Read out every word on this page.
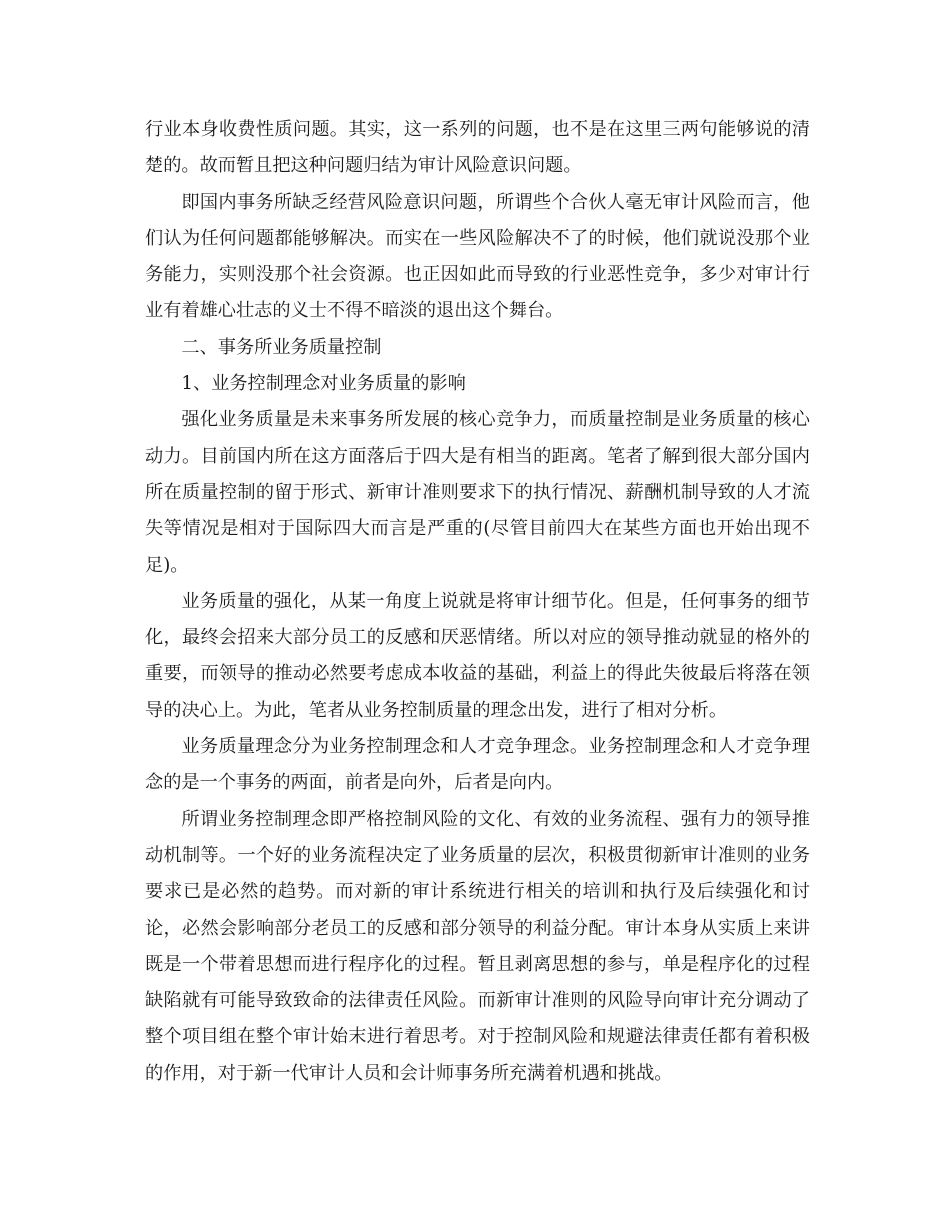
行业本身收费性质问题。其实，这一系列的问题，也不是在这里三两句能够说的清楚的。故而暂且把这种问题归结为审计风险意识问题。

即国内事务所缺乏经营风险意识问题，所谓些个合伙人毫无审计风险而言，他们认为任何问题都能够解决。而实在一些风险解决不了的时候，他们就说没那个业务能力，实则没那个社会资源。也正因如此而导致的行业恶性竞争，多少对审计行业有着雄心壮志的义士不得不暗淡的退出这个舞台。

二、事务所业务质量控制

1、业务控制理念对业务质量的影响

强化业务质量是未来事务所发展的核心竞争力，而质量控制是业务质量的核心动力。目前国内所在这方面落后于四大是有相当的距离。笔者了解到很大部分国内所在质量控制的留于形式、新审计准则要求下的执行情况、薪酬机制导致的人才流失等情况是相对于国际四大而言是严重的(尽管目前四大在某些方面也开始出现不足)。

业务质量的强化，从某一角度上说就是将审计细节化。但是，任何事务的细节化，最终会招来大部分员工的反感和厌恶情绪。所以对应的领导推动就显的格外的重要，而领导的推动必然要考虑成本收益的基础，利益上的得此失彼最后将落在领导的决心上。为此，笔者从业务控制质量的理念出发，进行了相对分析。

业务质量理念分为业务控制理念和人才竞争理念。业务控制理念和人才竞争理念的是一个事务的两面，前者是向外，后者是向内。

所谓业务控制理念即严格控制风险的文化、有效的业务流程、强有力的领导推动机制等。一个好的业务流程决定了业务质量的层次，积极贯彻新审计准则的业务要求已是必然的趋势。而对新的审计系统进行相关的培训和执行及后续强化和讨论，必然会影响部分老员工的反感和部分领导的利益分配。审计本身从实质上来讲既是一个带着思想而进行程序化的过程。暂且剥离思想的参与，单是程序化的过程缺陷就有可能导致致命的法律责任风险。而新审计准则的风险导向审计充分调动了整个项目组在整个审计始末进行着思考。对于控制风险和规避法律责任都有着积极的作用，对于新一代审计人员和会计师事务所充满着机遇和挑战。
